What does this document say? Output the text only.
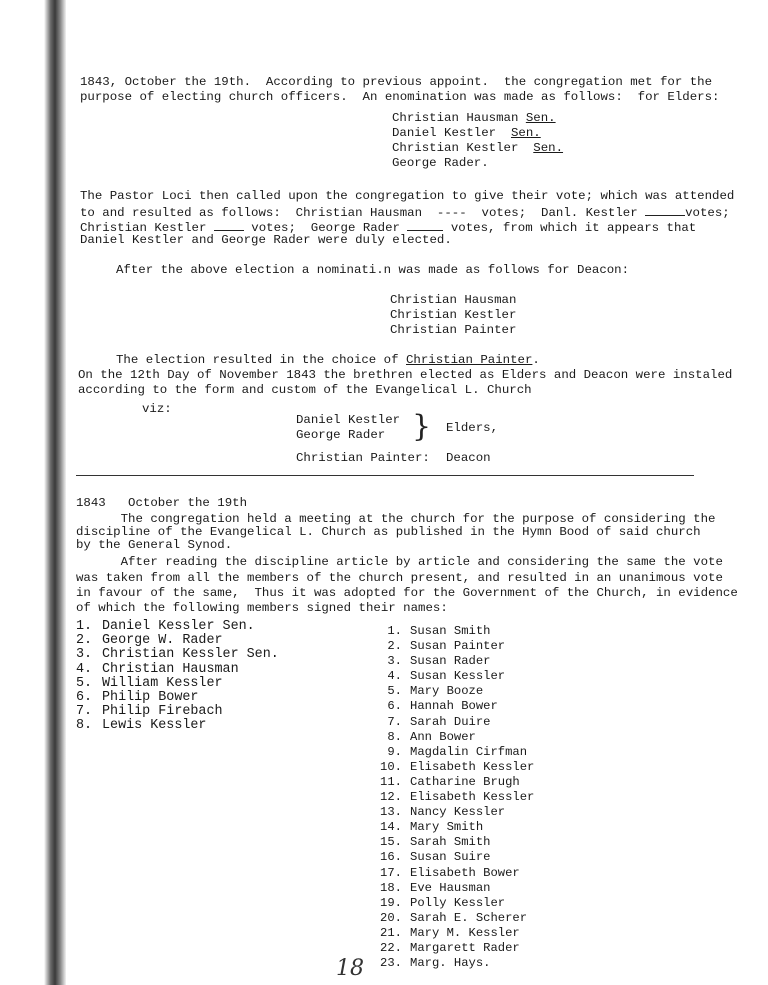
1843, October the 19th.  According to previous appoint.  the congregation met for the
purpose of electing church officers.  An enomination was made as follows:  for Elders:
Christian Hausman Sen.
Daniel Kestler  Sen.
Christian Kestler  Sen.
George Rader.
The Pastor Loci then called upon the congregation to give their vote; which was attended
to and resulted as follows:  Christian Hausman  ----  votes;  Danl. Kestler	votes;
Christian Kestler  votes;  George Rader	votes, from which it appears that
Daniel Kestler and George Rader were duly elected.
After the above election a nominati.n was made as follows for Deacon:
Christian Hausman
Christian Kestler
Christian Painter
The election resulted in the choice of Christian Painter.
On the 12th Day of November 1843 the brethren elected as Elders and Deacon were instaled
according to the form and custom of the Evangelical L. Church
viz:
Daniel Kestler
George Rader } Elders,
Christian Painter: Deacon
1843   October the 19th
The congregation held a meeting at the church for the purpose of considering the
discipline of the Evangelical L. Church as published in the Hymn Bood of said church
by the General Synod.
After reading the discipline article by article and considering the same the vote
was taken from all the members of the church present, and resulted in an unanimous vote
in favour of the same,  Thus it was adopted for the Government of the Church, in evidence
of which the following members signed their names:
1. Daniel Kessler Sen.
2. George W. Rader
3. Christian Kessler Sen.
4. Christian Hausman
5. William Kessler
6. Philip Bower
7. Philip Firebach
8. Lewis Kessler
1. Susan Smith
2. Susan Painter
3. Susan Rader
4. Susan Kessler
5. Mary Booze
6. Hannah Bower
7. Sarah Duire
8. Ann Bower
9. Magdalin Cirfman
10. Elisabeth Kessler
11. Catharine Brugh
12. Elisabeth Kessler
13. Nancy Kessler
14. Mary Smith
15. Sarah Smith
16. Susan Suire
17. Elisabeth Bower
18. Eve Hausman
19. Polly Kessler
20. Sarah E. Scherer
21. Mary M. Kessler
22. Margarett Rader
23. Marg. Hays.
18
